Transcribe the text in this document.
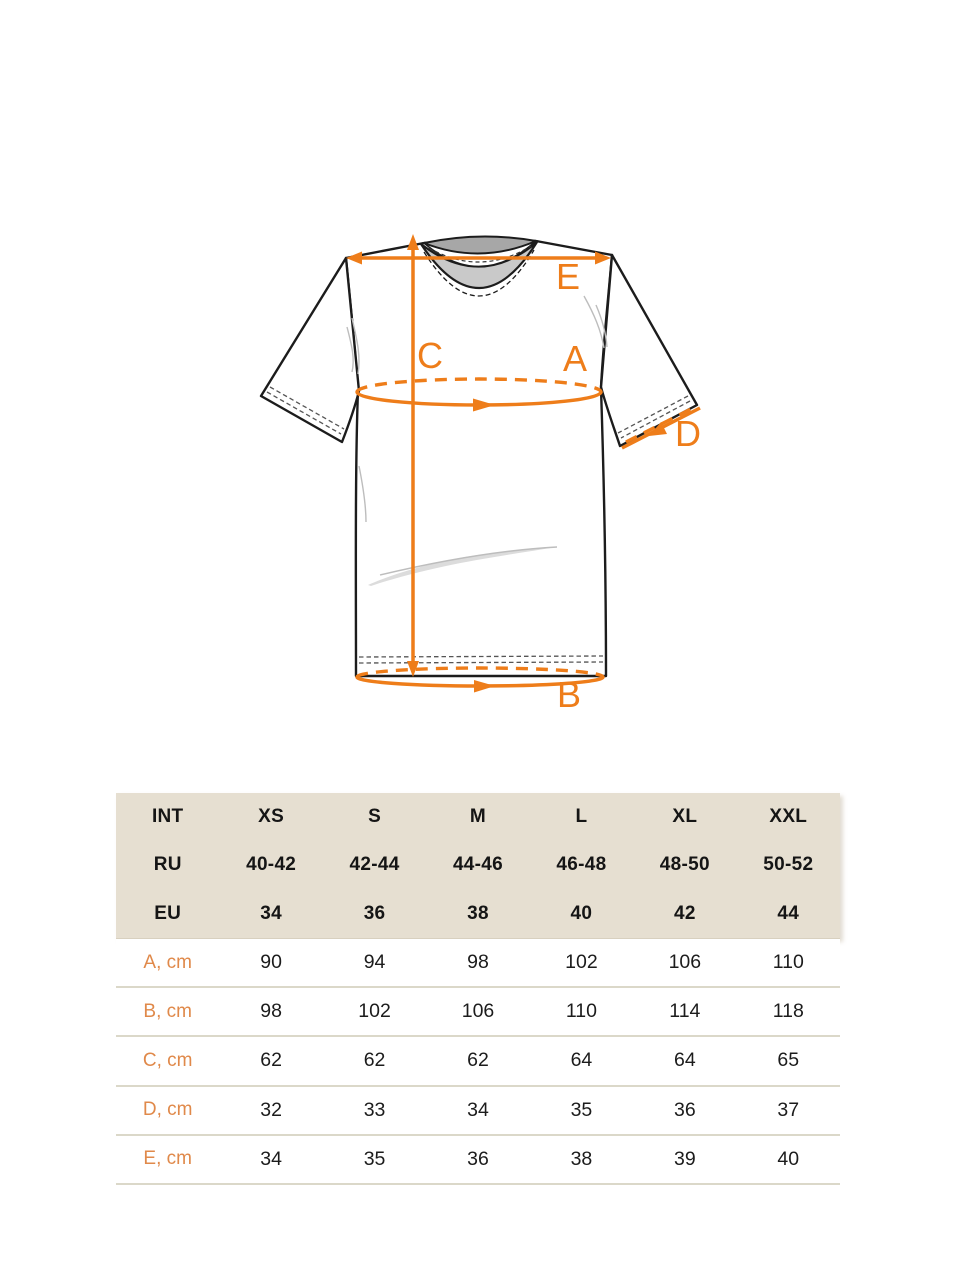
E
C	A
B
D
INT	XS	S	M	L	XL	XXL
RU	40-42	42-44	44-46	46-48	48-50	50-52
EU	34	36	38	40	42	44
A, cm	90	94	98	102	106	110
B, cm	98	102	106	110	114	118
C, cm	62	62	62	64	64	65
D, cm	32	33	34	35	36	37
E, cm	34	35	36	38	39	40
